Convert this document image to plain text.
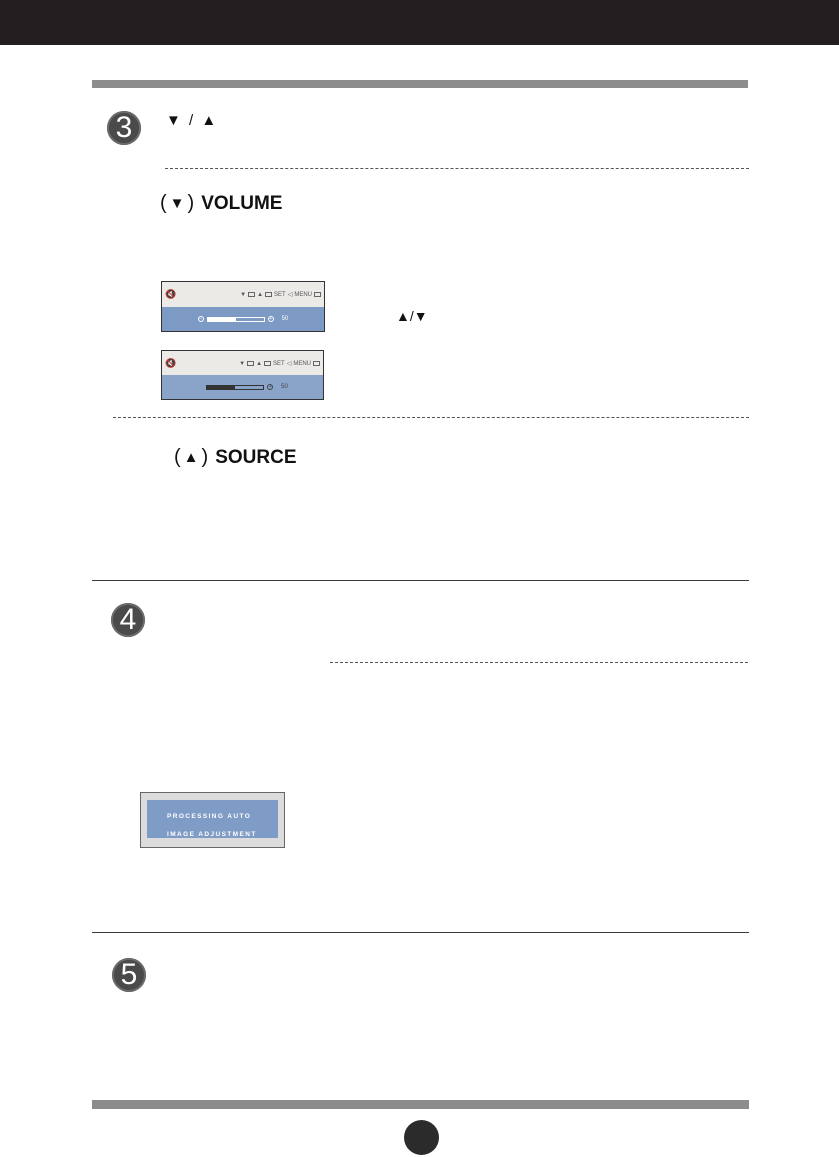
3 ▼ / ▲
( ▼ ) VOLUME
🔇	▼ ▲ SET ◁ MENU
−	+ 50	▲/▼
🔇	▼ ▲ SET ◁ MENU
+ 50
( ▲ ) SOURCE
4
PROCESSING AUTO
IMAGE ADJUSTMENT
5
